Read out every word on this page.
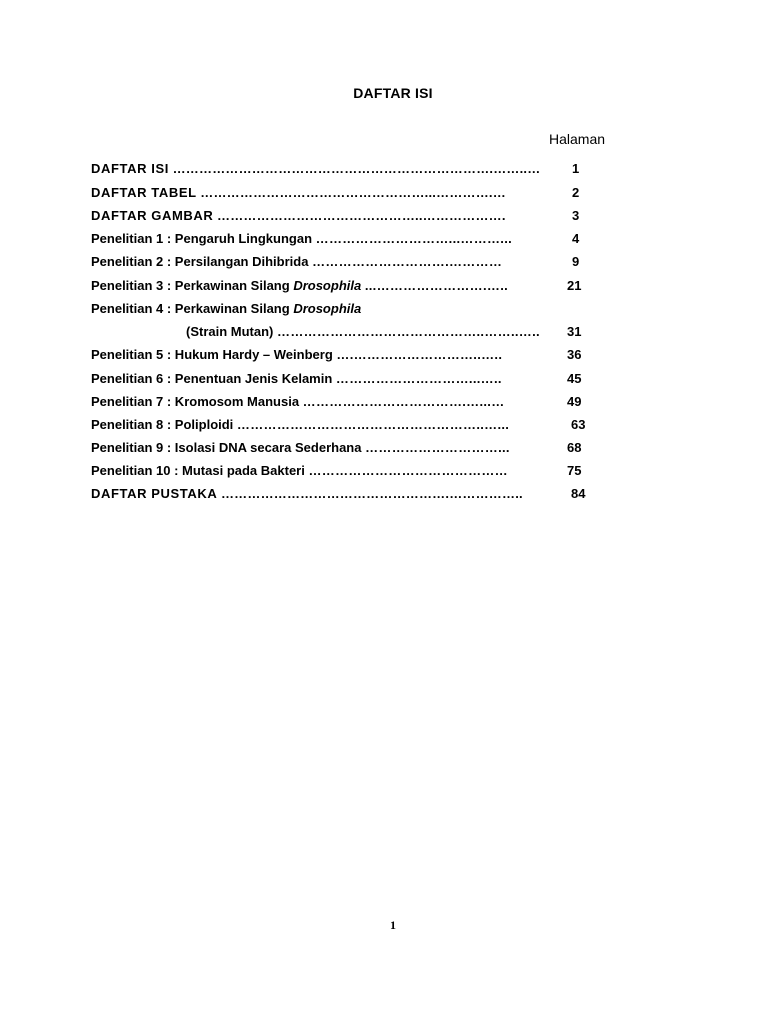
DAFTAR ISI
Halaman
DAFTAR ISI ……………………………………………………………….……..… 1
DAFTAR TABEL ……………………………………………...………….…	2
DAFTAR GAMBAR ………………………………………..……………….	3
Penelitian 1 : Pengaruh Lingkungan …………………………...………...	4
Penelitian 2 : Persilangan Dihibrida ………………………….…………	9
Penelitian 3 : Perkawinan Silang Drosophila ...…………………….…..	21
Penelitian 4 : Perkawinan Silang Drosophila
(Strain Mutan) ………………………………………..……..….. 31
Penelitian 5 : Hukum Hardy – Weinberg ….………………………..…..	36
Penelitian 6 : Penentuan Jenis Kelamin …………………………...…..	45
Penelitian 7 : Kromosom Manusia ……………………………….…...…	49
Penelitian 8 : Poliploidi ………………………………………………..…...	63
Penelitian 9 : Isolasi DNA secara Sederhana …………………………...	68
Penelitian 10 : Mutasi pada Bakteri ………………………………………	75
DAFTAR PUSTAKA …………………………………………….……………..	84
1
